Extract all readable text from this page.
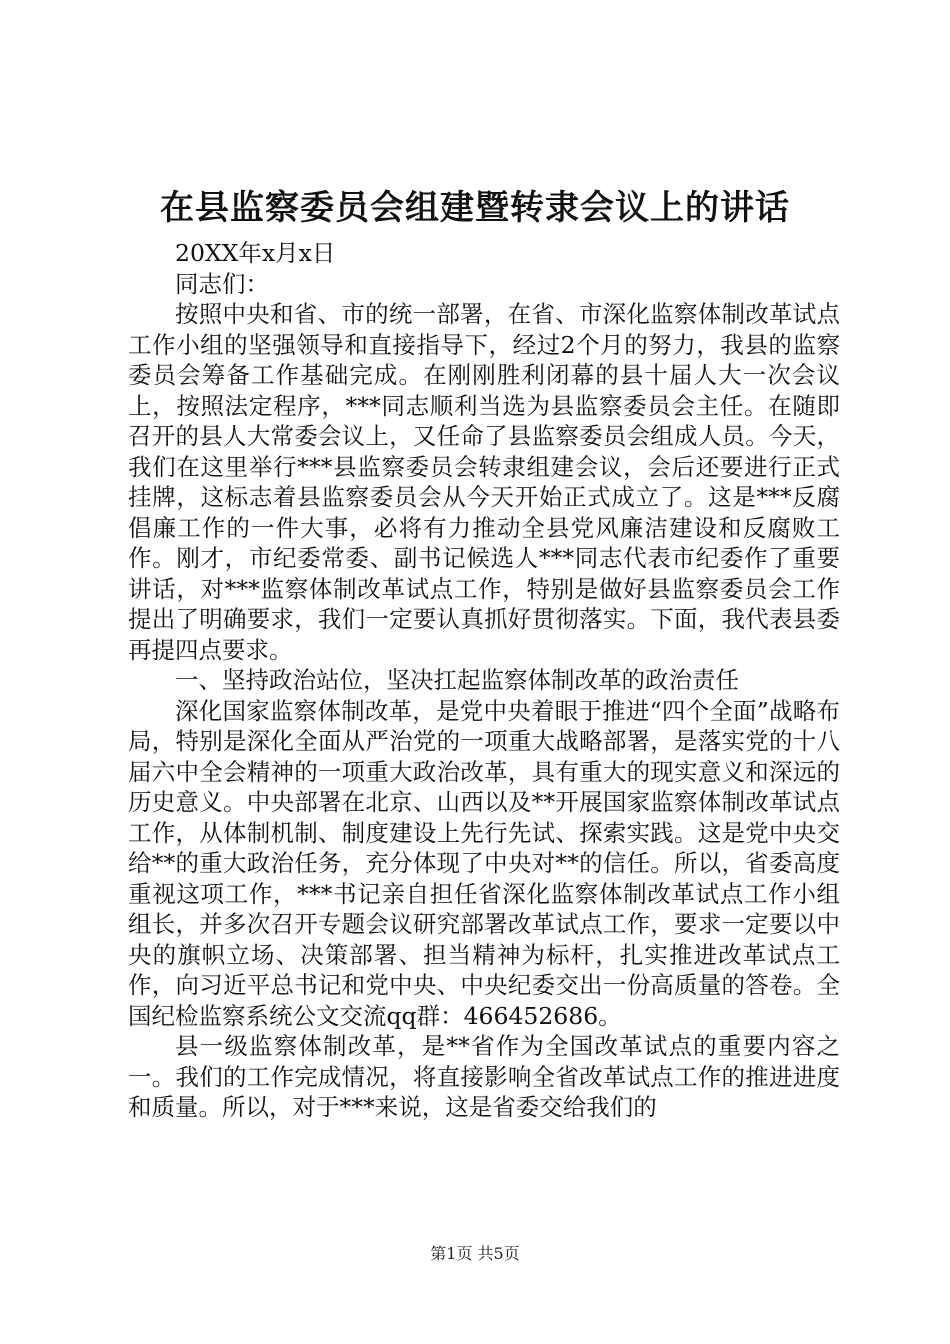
在县监察委员会组建暨转隶会议上的讲话

20XX年x月x日

同志们：

按照中央和省、市的统一部署，在省、市深化监察体制改革试点工作小组的坚强领导和直接指导下，经过2个月的努力，我县的监察委员会筹备工作基础完成。在刚刚胜利闭幕的县十届人大一次会议上，按照法定程序，***同志顺利当选为县监察委员会主任。在随即召开的县人大常委会议上，又任命了县监察委员会组成人员。今天，我们在这里举行***县监察委员会转隶组建会议，会后还要进行正式挂牌，这标志着县监察委员会从今天开始正式成立了。这是***反腐倡廉工作的一件大事，必将有力推动全县党风廉洁建设和反腐败工作。刚才，市纪委常委、副书记候选人***同志代表市纪委作了重要讲话，对***监察体制改革试点工作，特别是做好县监察委员会工作提出了明确要求，我们一定要认真抓好贯彻落实。下面，我代表县委再提四点要求。

一、坚持政治站位，坚决扛起监察体制改革的政治责任

深化国家监察体制改革，是党中央着眼于推进“四个全面”战略布局，特别是深化全面从严治党的一项重大战略部署，是落实党的十八届六中全会精神的一项重大政治改革，具有重大的现实意义和深远的历史意义。中央部署在北京、山西以及**开展国家监察体制改革试点工作，从体制机制、制度建设上先行先试、探索实践。这是党中央交给**的重大政治任务，充分体现了中央对**的信任。所以，省委高度重视这项工作，***书记亲自担任省深化监察体制改革试点工作小组组长，并多次召开专题会议研究部署改革试点工作，要求一定要以中央的旗帜立场、决策部署、担当精神为标杆，扎实推进改革试点工作，向习近平总书记和党中央、中央纪委交出一份高质量的答卷。全国纪检监察系统公文交流qq群：466452686。

县一级监察体制改革，是**省作为全国改革试点的重要内容之一。我们的工作完成情况，将直接影响全省改革试点工作的推进进度和质量。所以，对于***来说，这是省委交给我们的

第1页 共5页
